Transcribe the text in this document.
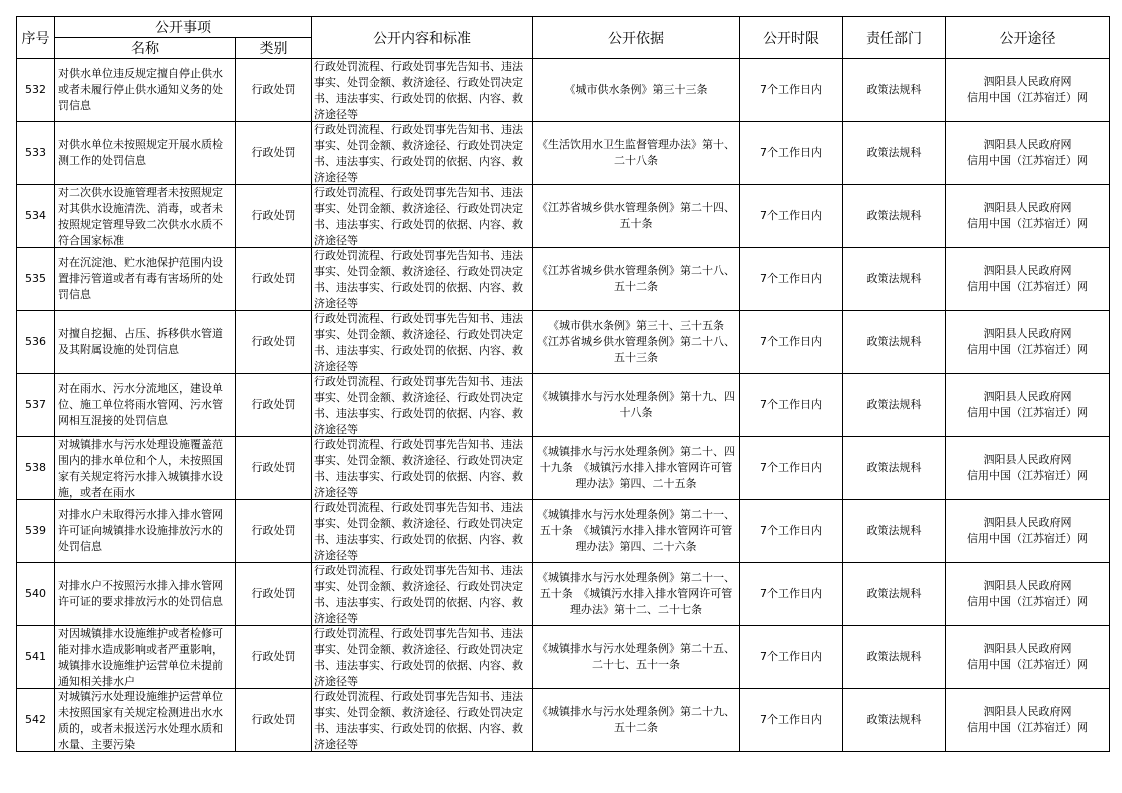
序号	公开事项		公开内容和标准	公开依据	公开时限	责任部门	公开途径
	名称	类别					
532	对供水单位违反规定擅自停止供水或者未履行停止供水通知义务的处罚信息	行政处罚	行政处罚流程、行政处罚事先告知书、违法事实、处罚金额、救济途径、行政处罚决定书、违法事实、行政处罚的依据、内容、救济途径等	《城市供水条例》第三十三条	7个工作日内	政策法规科	泗阳县人民政府网
信用中国（江苏宿迁）网

533	对供水单位未按照规定开展水质检测工作的处罚信息	行政处罚	行政处罚流程、行政处罚事先告知书、违法事实、处罚金额、救济途径、行政处罚决定书、违法事实、行政处罚的依据、内容、救济途径等	《生活饮用水卫生监督管理办法》第十、二十八条	7个工作日内	政策法规科	泗阳县人民政府网
信用中国（江苏宿迁）网

534	对二次供水设施管理者未按照规定对其供水设施清洗、消毒，或者未按照规定管理导致二次供水水质不符合国家标准	行政处罚	行政处罚流程、行政处罚事先告知书、违法事实、处罚金额、救济途径、行政处罚决定书、违法事实、行政处罚的依据、内容、救济途径等	《江苏省城乡供水管理条例》第二十四、五十条	7个工作日内	政策法规科	泗阳县人民政府网
信用中国（江苏宿迁）网

535	对在沉淀池、贮水池保护范围内设置排污管道或者有毒有害场所的处罚信息	行政处罚	行政处罚流程、行政处罚事先告知书、违法事实、处罚金额、救济途径、行政处罚决定书、违法事实、行政处罚的依据、内容、救济途径等	《江苏省城乡供水管理条例》第二十八、五十二条	7个工作日内	政策法规科	泗阳县人民政府网
信用中国（江苏宿迁）网

536	对擅自挖掘、占压、拆移供水管道及其附属设施的处罚信息	行政处罚	行政处罚流程、行政处罚事先告知书、违法事实、处罚金额、救济途径、行政处罚决定书、违法事实、行政处罚的依据、内容、救济途径等	《城市供水条例》第三十、三十五条　《江苏省城乡供水管理条例》第二十八、五十三条	7个工作日内	政策法规科	泗阳县人民政府网
信用中国（江苏宿迁）网

537	对在雨水、污水分流地区，建设单位、施工单位将雨水管网、污水管网相互混接的处罚信息	行政处罚	行政处罚流程、行政处罚事先告知书、违法事实、处罚金额、救济途径、行政处罚决定书、违法事实、行政处罚的依据、内容、救济途径等	《城镇排水与污水处理条例》第十九、四十八条	7个工作日内	政策法规科	泗阳县人民政府网
信用中国（江苏宿迁）网

538	对城镇排水与污水处理设施覆盖范围内的排水单位和个人，未按照国家有关规定将污水排入城镇排水设施，或者在雨水	行政处罚	行政处罚流程、行政处罚事先告知书、违法事实、处罚金额、救济途径、行政处罚决定书、违法事实、行政处罚的依据、内容、救济途径等	《城镇排水与污水处理条例》第二十、四十九条　《城镇污水排入排水管网许可管理办法》第四、二十五条	7个工作日内	政策法规科	泗阳县人民政府网
信用中国（江苏宿迁）网

539	对排水户未取得污水排入排水管网许可证向城镇排水设施排放污水的处罚信息	行政处罚	行政处罚流程、行政处罚事先告知书、违法事实、处罚金额、救济途径、行政处罚决定书、违法事实、行政处罚的依据、内容、救济途径等	《城镇排水与污水处理条例》第二十一、五十条　《城镇污水排入排水管网许可管理办法》第四、二十六条	7个工作日内	政策法规科	泗阳县人民政府网
信用中国（江苏宿迁）网

540	对排水户不按照污水排入排水管网许可证的要求排放污水的处罚信息	行政处罚	行政处罚流程、行政处罚事先告知书、违法事实、处罚金额、救济途径、行政处罚决定书、违法事实、行政处罚的依据、内容、救济途径等	《城镇排水与污水处理条例》第二十一、五十条　《城镇污水排入排水管网许可管理办法》第十二、二十七条	7个工作日内	政策法规科	泗阳县人民政府网
信用中国（江苏宿迁）网

541	对因城镇排水设施维护或者检修可能对排水造成影响或者严重影响，城镇排水设施维护运营单位未提前通知相关排水户	行政处罚	行政处罚流程、行政处罚事先告知书、违法事实、处罚金额、救济途径、行政处罚决定书、违法事实、行政处罚的依据、内容、救济途径等	《城镇排水与污水处理条例》第二十五、二十七、五十一条	7个工作日内	政策法规科	泗阳县人民政府网
信用中国（江苏宿迁）网

542	对城镇污水处理设施维护运营单位未按照国家有关规定检测进出水水质的，或者未报送污水处理水质和水量、主要污染	行政处罚	行政处罚流程、行政处罚事先告知书、违法事实、处罚金额、救济途径、行政处罚决定书、违法事实、行政处罚的依据、内容、救济途径等	《城镇排水与污水处理条例》第二十九、五十二条	7个工作日内	政策法规科	泗阳县人民政府网
信用中国（江苏宿迁）网
